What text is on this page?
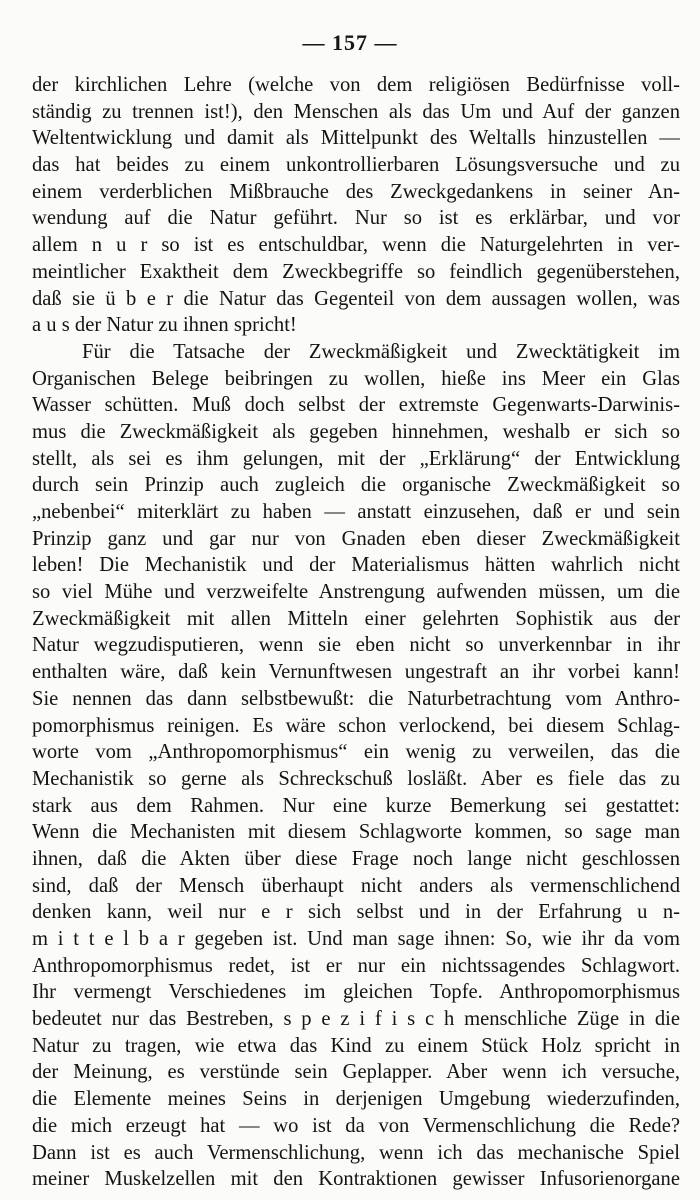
— 157 —
der kirchlichen Lehre (welche von dem religiösen Bedürfnisse voll-
ständig zu trennen ist!), den Menschen als das Um und Auf der ganzen
Weltentwicklung und damit als Mittelpunkt des Weltalls hinzustellen —
das hat beides zu einem unkontrollierbaren Lösungsversuche und zu
einem verderblichen Mißbrauche des Zweckgedankens in seiner An-
wendung auf die Natur geführt. Nur so ist es erklärbar, und vor
allem n u r so ist es entschuldbar, wenn die Naturgelehrten in ver-
meintlicher Exaktheit dem Zweckbegriffe so feindlich gegenüberstehen,
daß sie ü b e r die Natur das Gegenteil von dem aussagen wollen, was
a u s der Natur zu ihnen spricht!
Für die Tatsache der Zweckmäßigkeit und Zwecktätigkeit im
Organischen Belege beibringen zu wollen, hieße ins Meer ein Glas
Wasser schütten. Muß doch selbst der extremste Gegenwarts-Darwinis-
mus die Zweckmäßigkeit als gegeben hinnehmen, weshalb er sich so
stellt, als sei es ihm gelungen, mit der „Erklärung“ der Entwicklung
durch sein Prinzip auch zugleich die organische Zweckmäßigkeit so
„nebenbei“ miterklärt zu haben — anstatt einzusehen, daß er und sein
Prinzip ganz und gar nur von Gnaden eben dieser Zweckmäßigkeit
leben! Die Mechanistik und der Materialismus hätten wahrlich nicht
so viel Mühe und verzweifelte Anstrengung aufwenden müssen, um die
Zweckmäßigkeit mit allen Mitteln einer gelehrten Sophistik aus der
Natur wegzudisputieren, wenn sie eben nicht so unverkennbar in ihr
enthalten wäre, daß kein Vernunftwesen ungestraft an ihr vorbei kann!
Sie nennen das dann selbstbewußt: die Naturbetrachtung vom Anthro-
pomorphismus reinigen. Es wäre schon verlockend, bei diesem Schlag-
worte vom „Anthropomorphismus“ ein wenig zu verweilen, das die
Mechanistik so gerne als Schreckschuß losläßt. Aber es fiele das zu
stark aus dem Rahmen. Nur eine kurze Bemerkung sei gestattet:
Wenn die Mechanisten mit diesem Schlagworte kommen, so sage man
ihnen, daß die Akten über diese Frage noch lange nicht geschlossen
sind, daß der Mensch überhaupt nicht anders als vermenschlichend
denken kann, weil nur e r sich selbst und in der Erfahrung u n-
m i t t e l b a r gegeben ist. Und man sage ihnen: So, wie ihr da vom
Anthropomorphismus redet, ist er nur ein nichtssagendes Schlagwort.
Ihr vermengt Verschiedenes im gleichen Topfe. Anthropomorphismus
bedeutet nur das Bestreben, s p e z i f i s c h menschliche Züge in die
Natur zu tragen, wie etwa das Kind zu einem Stück Holz spricht in
der Meinung, es verstünde sein Geplapper. Aber wenn ich versuche,
die Elemente meines Seins in derjenigen Umgebung wiederzufinden,
die mich erzeugt hat — wo ist da von Vermenschlichung die Rede?
Dann ist es auch Vermenschlichung, wenn ich das mechanische Spiel
meiner Muskelzellen mit den Kontraktionen gewisser Infusorienorgane
